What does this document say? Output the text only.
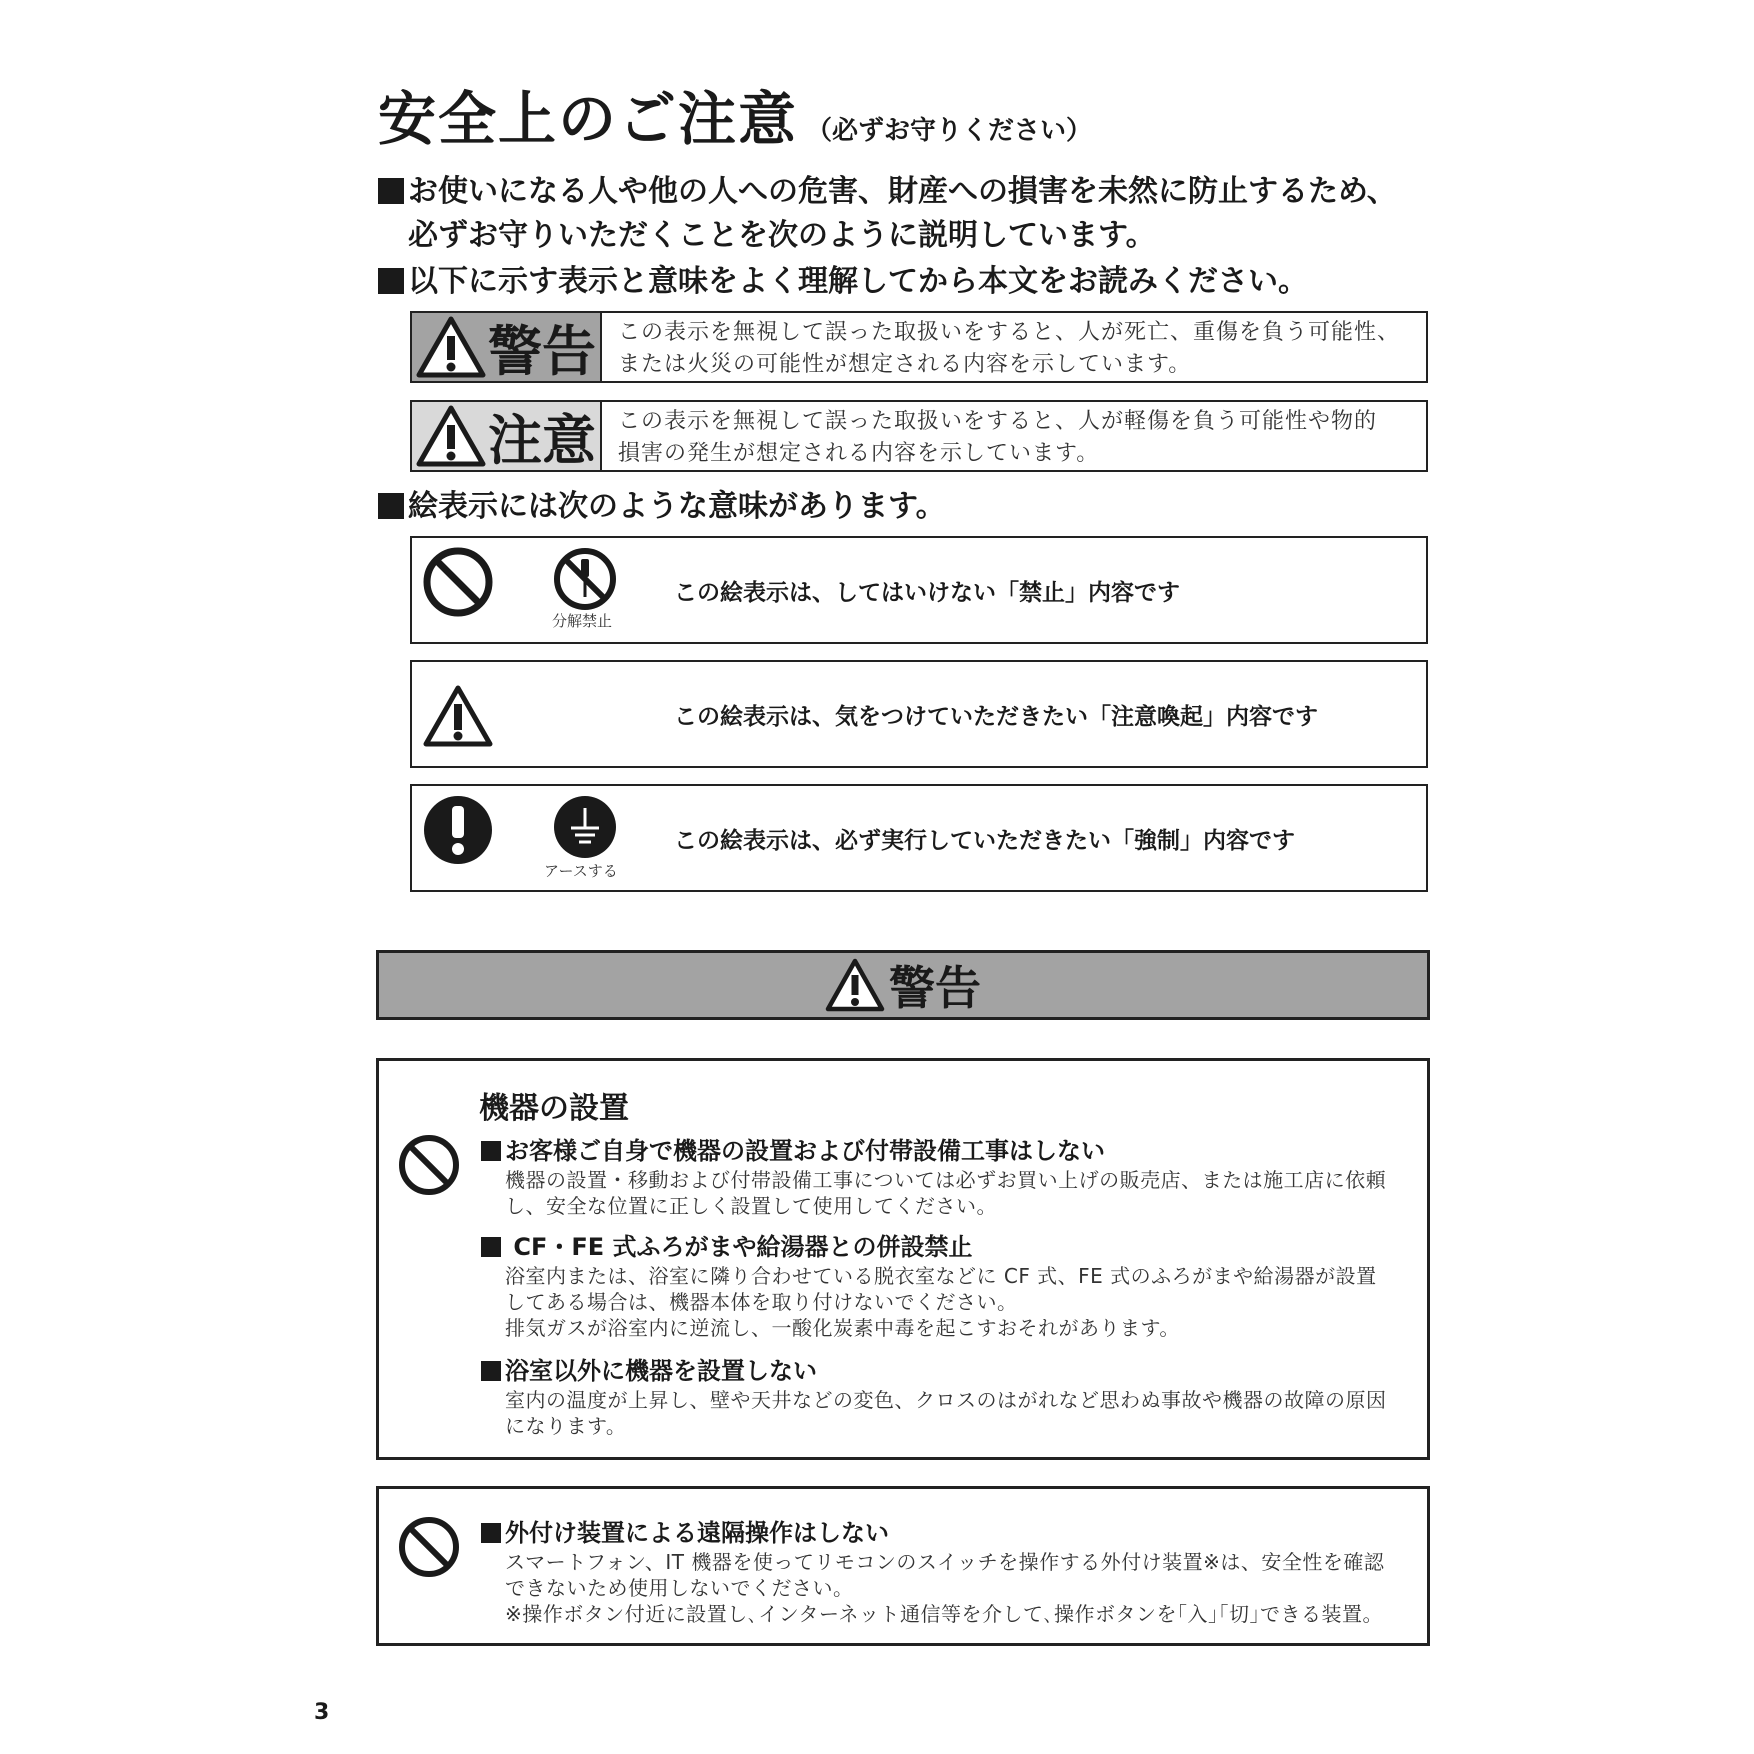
安全上のご注意 （必ずお守りください）
お使いになる人や他の人への危害、財産への損害を未然に防止するため、
必ずお守りいただくことを次のように説明しています。
以下に示す表示と意味をよく理解してから本文をお読みください。
警告 この表示を無視して誤った取扱いをすると、人が死亡、重傷を負う可能性、
または火災の可能性が想定される内容を示しています。
注意 この表示を無視して誤った取扱いをすると、人が軽傷を負う可能性や物的
損害の発生が想定される内容を示しています。
絵表示には次のような意味があります。
分解禁止
この絵表示は、してはいけない「禁止」内容です
この絵表示は、気をつけていただきたい「注意喚起」内容です
アースする
この絵表示は、必ず実行していただきたい「強制」内容です
警告
機器の設置
お客様ご自身で機器の設置および付帯設備工事はしない
機器の設置・移動および付帯設備工事については必ずお買い上げの販売店、または施工店に依頼
し、安全な位置に正しく設置して使用してください。
CF・FE 式ふろがまや給湯器との併設禁止
浴室内または、浴室に隣り合わせている脱衣室などに CF 式、FE 式のふろがまや給湯器が設置
してある場合は、機器本体を取り付けないでください。
排気ガスが浴室内に逆流し、一酸化炭素中毒を起こすおそれがあります。
浴室以外に機器を設置しない
室内の温度が上昇し、壁や天井などの変色、クロスのはがれなど思わぬ事故や機器の故障の原因
になります。
外付け装置による遠隔操作はしない
スマートフォン、IT 機器を使ってリモコンのスイッチを操作する外付け装置※は、安全性を確認
できないため使用しないでください。
※操作ボタン付近に設置し､インターネット通信等を介して､操作ボタンを｢入｣｢切｣できる装置。
3
